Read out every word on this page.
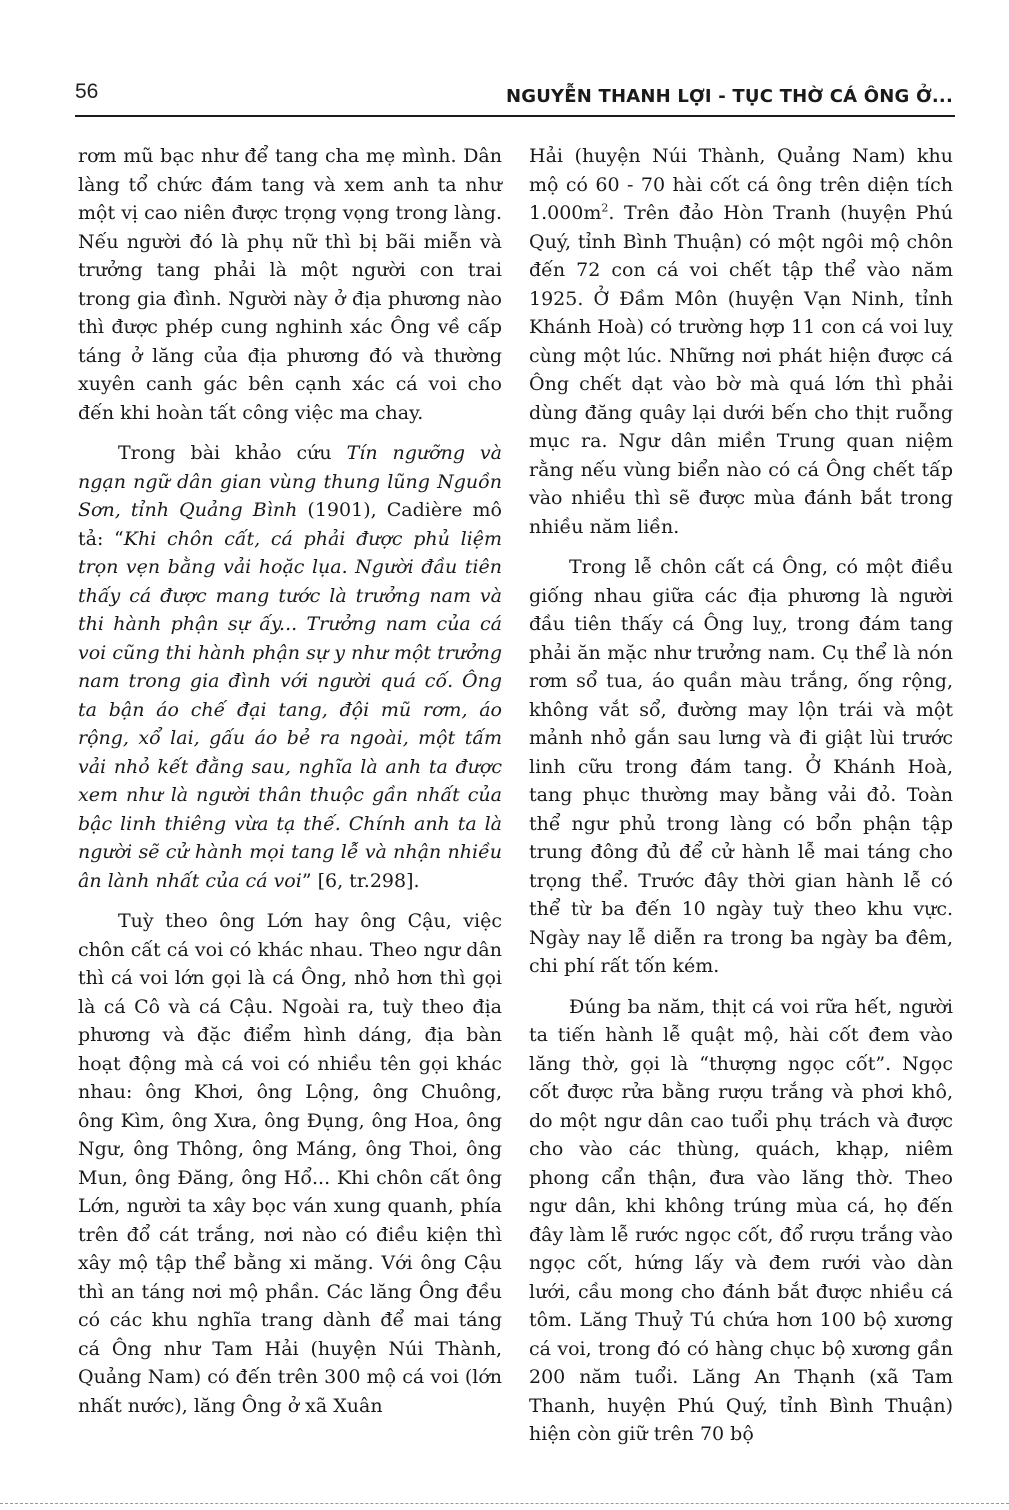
56	NGUYỄN THANH LỢI - TỤC THỜ CÁ ÔNG Ở...

rơm mũ bạc như để tang cha mẹ mình. Dân làng tổ chức đám tang và xem anh ta như một vị cao niên được trọng vọng trong làng. Nếu người đó là phụ nữ thì bị bãi miễn và trưởng tang phải là một người con trai trong gia đình. Người này ở địa phương nào thì được phép cung nghinh xác Ông về cấp táng ở lăng của địa phương đó và thường xuyên canh gác bên cạnh xác cá voi cho đến khi hoàn tất công việc ma chay.

Trong bài khảo cứu Tín ngưỡng và ngạn ngữ dân gian vùng thung lũng Nguồn Sơn, tỉnh Quảng Bình (1901), Cadière mô tả: “Khi chôn cất, cá phải được phủ liệm trọn vẹn bằng vải hoặc lụa. Người đầu tiên thấy cá được mang tước là trưởng nam và thi hành phận sự ấy... Trưởng nam của cá voi cũng thi hành phận sự y như một trưởng nam trong gia đình với người quá cố. Ông ta bận áo chế đại tang, đội mũ rơm, áo rộng, xổ lai, gấu áo bẻ ra ngoài, một tấm vải nhỏ kết đằng sau, nghĩa là anh ta được xem như là người thân thuộc gần nhất của bậc linh thiêng vừa tạ thế. Chính anh ta là người sẽ cử hành mọi tang lễ và nhận nhiều ân lành nhất của cá voi” [6, tr.298].

Tuỳ theo ông Lớn hay ông Cậu, việc chôn cất cá voi có khác nhau. Theo ngư dân thì cá voi lớn gọi là cá Ông, nhỏ hơn thì gọi là cá Cô và cá Cậu. Ngoài ra, tuỳ theo địa phương và đặc điểm hình dáng, địa bàn hoạt động mà cá voi có nhiều tên gọi khác nhau: ông Khơi, ông Lộng, ông Chuông, ông Kìm, ông Xưa, ông Đụng, ông Hoa, ông Ngư, ông Thông, ông Máng, ông Thoi, ông Mun, ông Đăng, ông Hổ... Khi chôn cất ông Lớn, người ta xây bọc ván xung quanh, phía trên đổ cát trắng, nơi nào có điều kiện thì xây mộ tập thể bằng xi măng. Với ông Cậu thì an táng nơi mộ phần. Các lăng Ông đều có các khu nghĩa trang dành để mai táng cá Ông như Tam Hải (huyện Núi Thành, Quảng Nam) có đến trên 300 mộ cá voi (lớn nhất nước), lăng Ông ở xã Xuân

Hải (huyện Núi Thành, Quảng Nam) khu mộ có 60 - 70 hài cốt cá ông trên diện tích $1.000m^2$. Trên đảo Hòn Tranh (huyện Phú Quý, tỉnh Bình Thuận) có một ngôi mộ chôn đến 72 con cá voi chết tập thể vào năm 1925. Ở Đầm Môn (huyện Vạn Ninh, tỉnh Khánh Hoà) có trường hợp 11 con cá voi luỵ cùng một lúc. Những nơi phát hiện được cá Ông chết dạt vào bờ mà quá lớn thì phải dùng đăng quây lại dưới bến cho thịt ruỗng mục ra. Ngư dân miền Trung quan niệm rằng nếu vùng biển nào có cá Ông chết tấp vào nhiều thì sẽ được mùa đánh bắt trong nhiều năm liền.

Trong lễ chôn cất cá Ông, có một điều giống nhau giữa các địa phương là người đầu tiên thấy cá Ông luỵ, trong đám tang phải ăn mặc như trưởng nam. Cụ thể là nón rơm sổ tua, áo quần màu trắng, ống rộng, không vắt sổ, đường may lộn trái và một mảnh nhỏ gắn sau lưng và đi giật lùi trước linh cữu trong đám tang. Ở Khánh Hoà, tang phục thường may bằng vải đỏ. Toàn thể ngư phủ trong làng có bổn phận tập trung đông đủ để cử hành lễ mai táng cho trọng thể. Trước đây thời gian hành lễ có thể từ ba đến 10 ngày tuỳ theo khu vực. Ngày nay lễ diễn ra trong ba ngày ba đêm, chi phí rất tốn kém.

Đúng ba năm, thịt cá voi rữa hết, người ta tiến hành lễ quật mộ, hài cốt đem vào lăng thờ, gọi là “thượng ngọc cốt”. Ngọc cốt được rửa bằng rượu trắng và phơi khô, do một ngư dân cao tuổi phụ trách và được cho vào các thùng, quách, khạp, niêm phong cẩn thận, đưa vào lăng thờ. Theo ngư dân, khi không trúng mùa cá, họ đến đây làm lễ rước ngọc cốt, đổ rượu trắng vào ngọc cốt, hứng lấy và đem rưới vào dàn lưới, cầu mong cho đánh bắt được nhiều cá tôm. Lăng Thuỷ Tú chứa hơn 100 bộ xương cá voi, trong đó có hàng chục bộ xương gần 200 năm tuổi. Lăng An Thạnh (xã Tam Thanh, huyện Phú Quý, tỉnh Bình Thuận) hiện còn giữ trên 70 bộ
